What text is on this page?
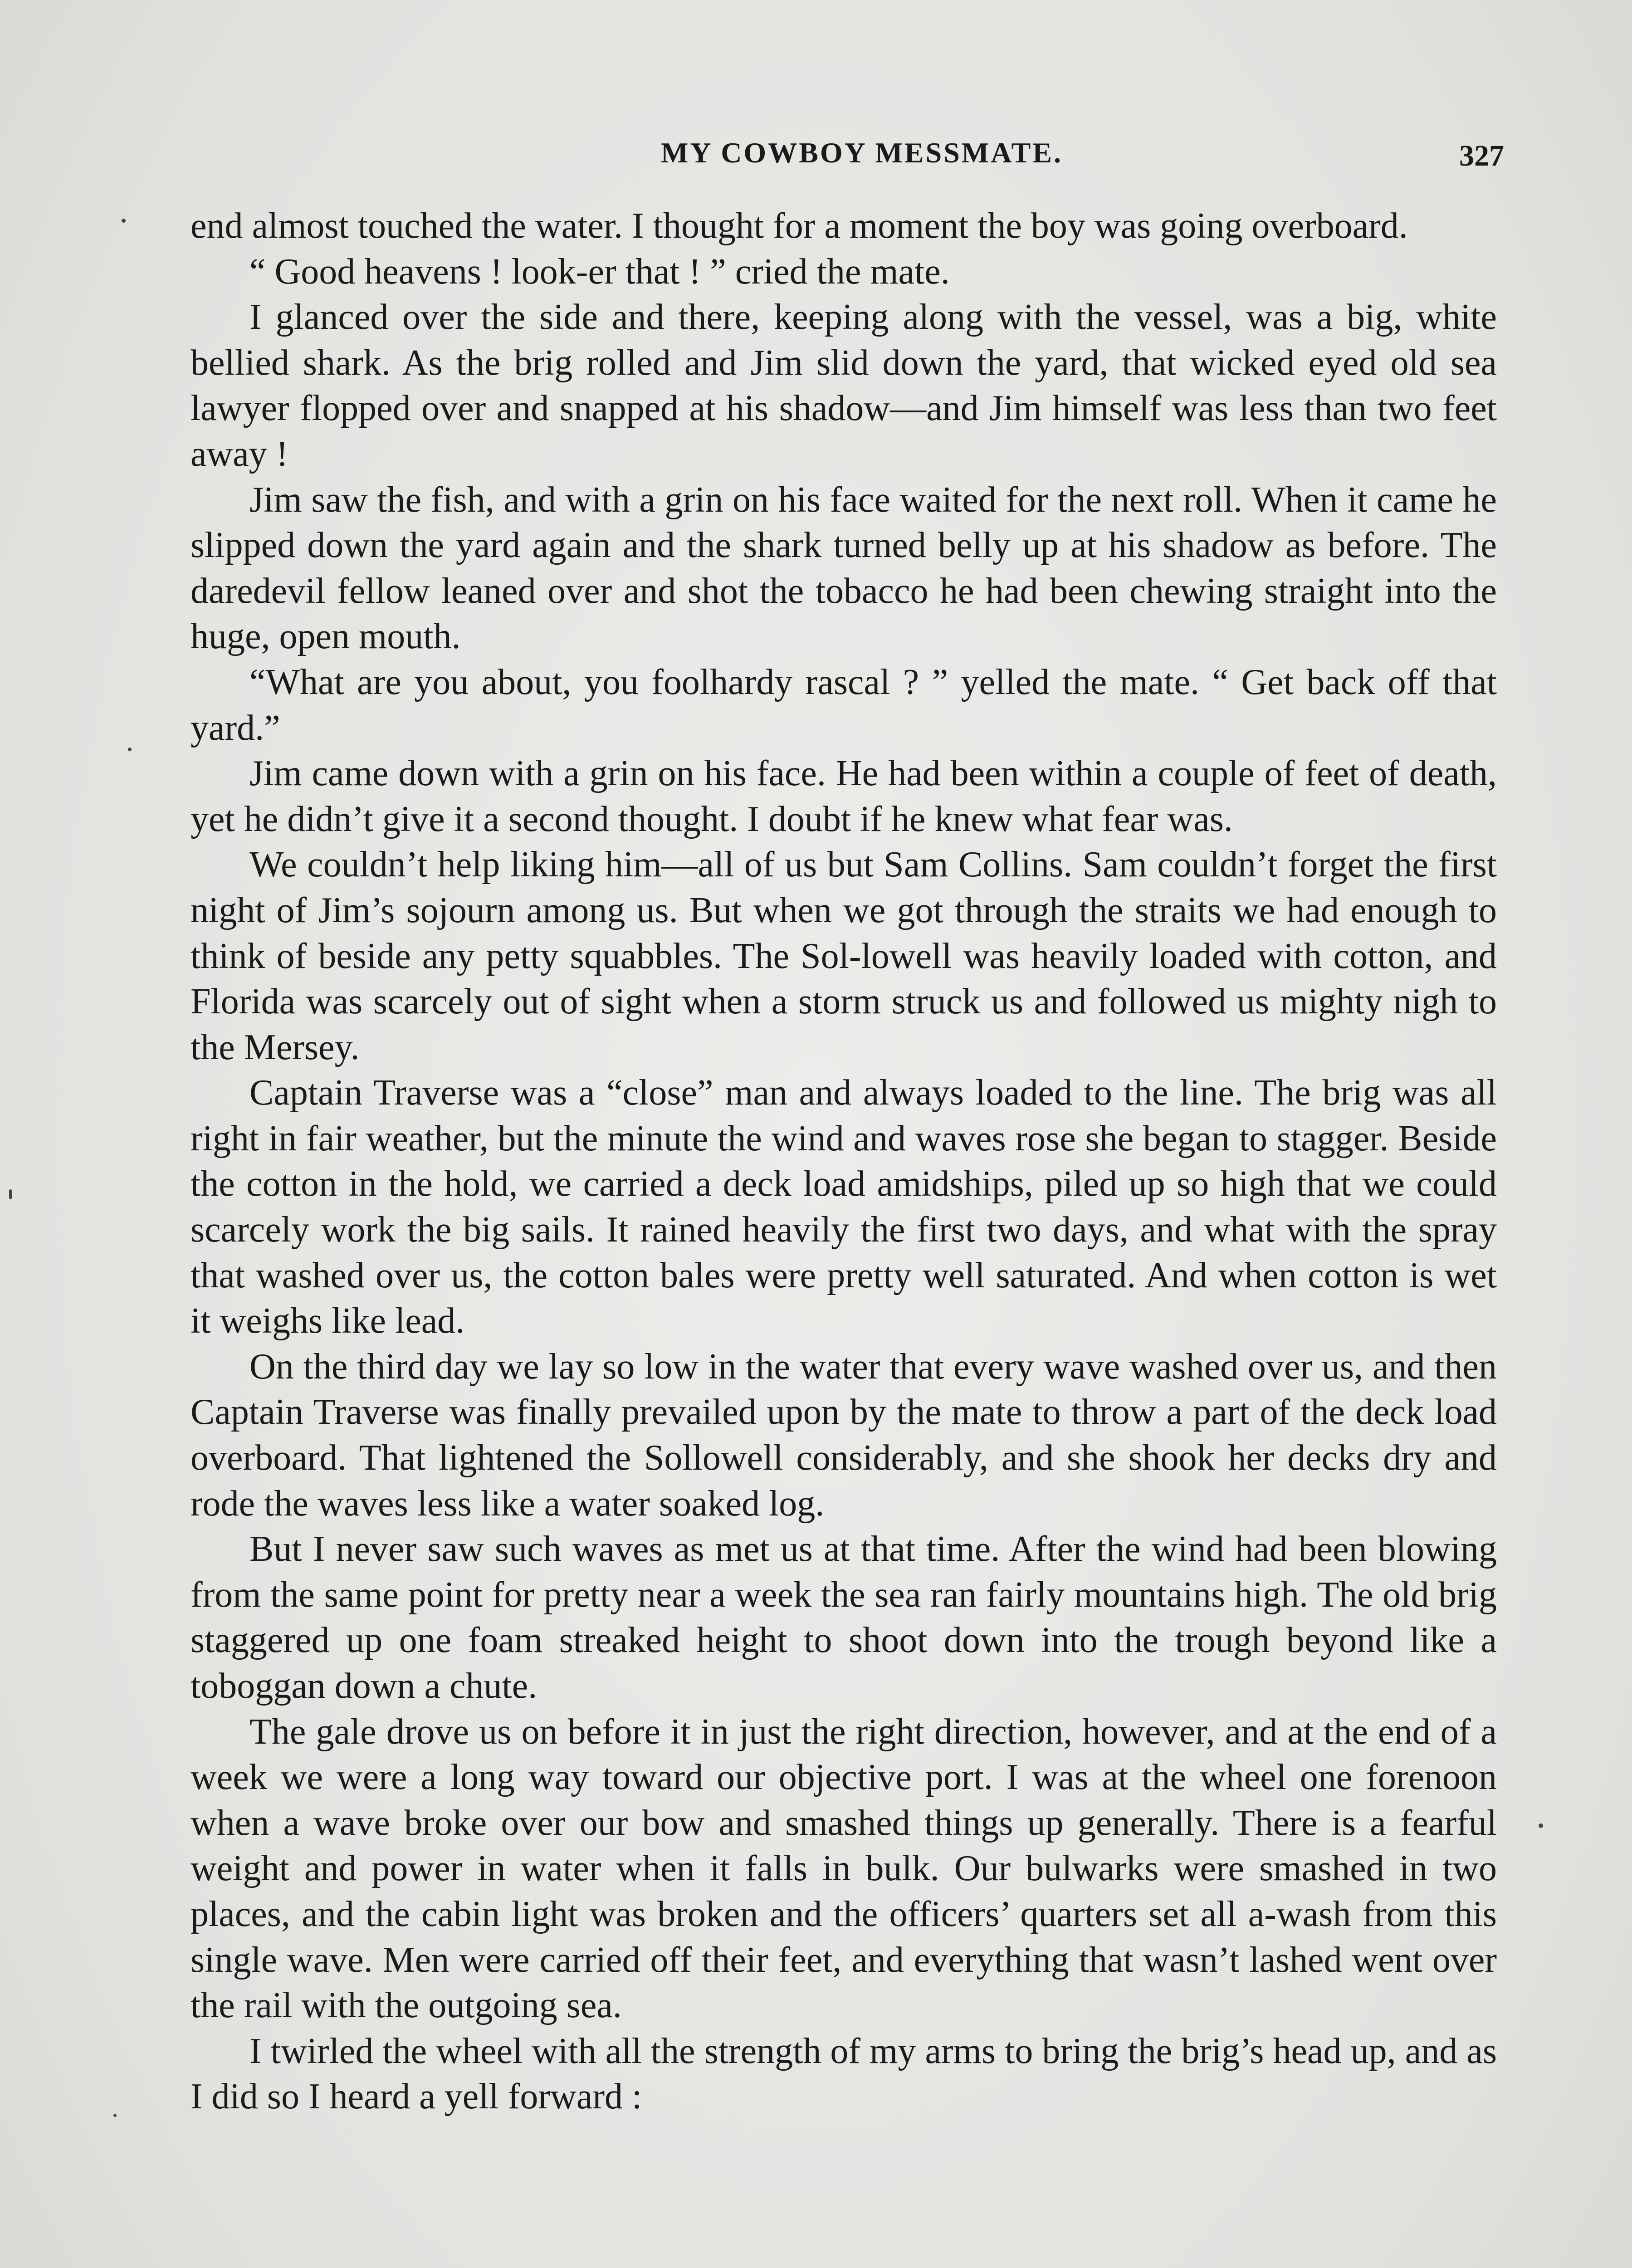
MY COWBOY MESSMATE.	327

end almost touched the water. I thought for a moment the boy was going overboard.

“ Good heavens ! look-er that ! ” cried the mate.

I glanced over the side and there, keeping along with the vessel, was a big, white bellied shark. As the brig rolled and Jim slid down the yard, that wicked eyed old sea lawyer flopped over and snapped at his shadow—and Jim himself was less than two feet away !

Jim saw the fish, and with a grin on his face waited for the next roll. When it came he slipped down the yard again and the shark turned belly up at his shadow as before. The daredevil fellow leaned over and shot the tobacco he had been chewing straight into the huge, open mouth.

“What are you about, you foolhardy rascal ? ” yelled the mate. “ Get back off that yard.”

Jim came down with a grin on his face. He had been within a couple of feet of death, yet he didn’t give it a second thought. I doubt if he knew what fear was.

We couldn’t help liking him—all of us but Sam Collins. Sam couldn’t forget the first night of Jim’s sojourn among us. But when we got through the straits we had enough to think of beside any petty squabbles. The Sol-lowell was heavily loaded with cotton, and Florida was scarcely out of sight when a storm struck us and followed us mighty nigh to the Mersey.

Captain Traverse was a “close” man and always loaded to the line. The brig was all right in fair weather, but the minute the wind and waves rose she began to stagger. Beside the cotton in the hold, we carried a deck load amidships, piled up so high that we could scarcely work the big sails. It rained heavily the first two days, and what with the spray that washed over us, the cotton bales were pretty well saturated. And when cotton is wet it weighs like lead.

On the third day we lay so low in the water that every wave washed over us, and then Captain Traverse was finally prevailed upon by the mate to throw a part of the deck load overboard. That lightened the Sollowell considerably, and she shook her decks dry and rode the waves less like a water soaked log.

But I never saw such waves as met us at that time. After the wind had been blowing from the same point for pretty near a week the sea ran fairly mountains high. The old brig staggered up one foam streaked height to shoot down into the trough beyond like a toboggan down a chute.

The gale drove us on before it in just the right direction, however, and at the end of a week we were a long way toward our objective port. I was at the wheel one forenoon when a wave broke over our bow and smashed things up generally. There is a fearful weight and power in water when it falls in bulk. Our bulwarks were smashed in two places, and the cabin light was broken and the officers’ quarters set all a-wash from this single wave. Men were carried off their feet, and everything that wasn’t lashed went over the rail with the outgoing sea.

I twirled the wheel with all the strength of my arms to bring the brig’s head up, and as I did so I heard a yell forward :
